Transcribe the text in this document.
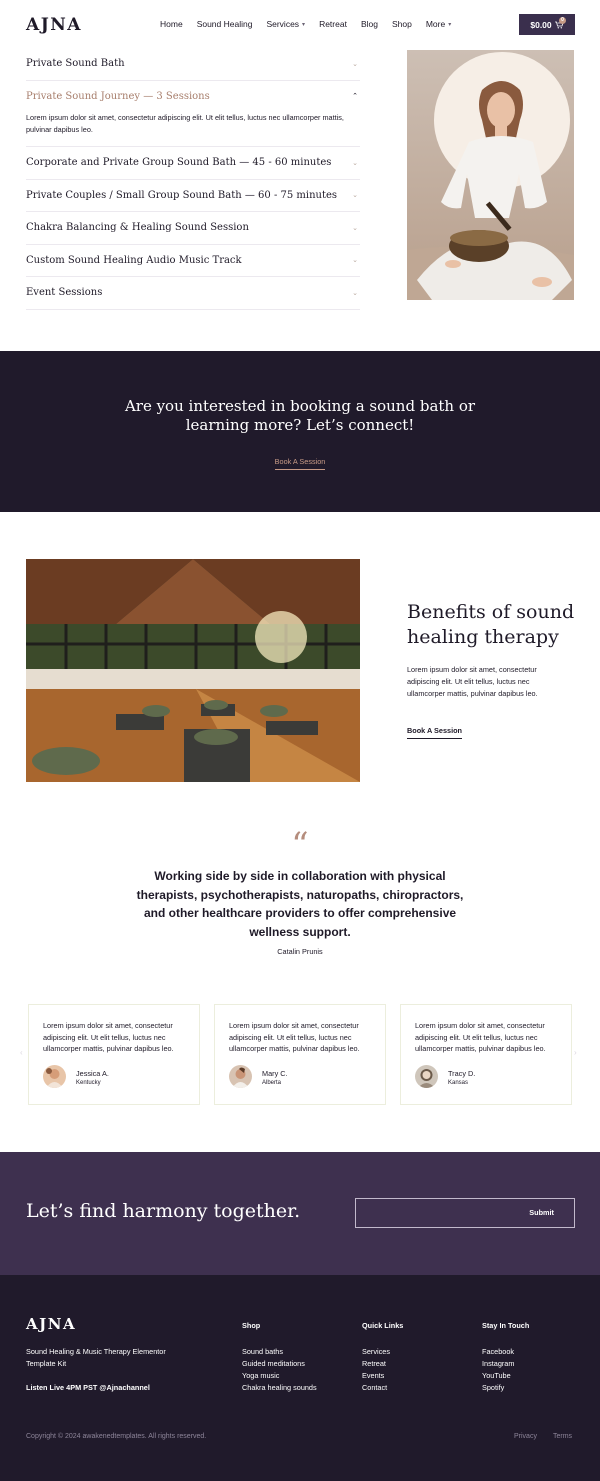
AJNA	Home Sound Healing Services ▾ Retreat Blog Shop More ▾	$0.00	0
Private Sound Bath	⌄
Private Sound Journey — 3 Sessions	⌃
Lorem ipsum dolor sit amet, consectetur adipiscing elit. Ut elit tellus, luctus nec ullamcorper mattis, pulvinar dapibus leo.
Corporate and Private Group Sound Bath — 45 - 60 minutes	⌄
Private Couples / Small Group Sound Bath — 60 - 75 minutes ⌄
Chakra Balancing & Healing Sound Session	⌄
Custom Sound Healing Audio Music Track	⌄
Event Sessions	⌄
Are you interested in booking a sound bath or
learning more? Let’s connect!
Book A Session
Benefits of sound
healing therapy
Lorem ipsum dolor sit amet, consectetur adipiscing elit. Ut elit tellus, luctus nec ullamcorper mattis, pulvinar dapibus leo.
Book A Session
“
Working side by side in collaboration with physical therapists, psychotherapists, naturopaths, chiropractors, and other healthcare providers to offer comprehensive wellness support.
Catalin Prunis
‹	›
Lorem ipsum dolor sit amet, consectetur adipiscing elit. Ut elit tellus, luctus nec ullamcorper mattis, pulvinar dapibus leo.
Jessica A.
Kentucky
Lorem ipsum dolor sit amet, consectetur adipiscing elit. Ut elit tellus, luctus nec ullamcorper mattis, pulvinar dapibus leo.
Mary C.
Alberta
Lorem ipsum dolor sit amet, consectetur adipiscing elit. Ut elit tellus, luctus nec ullamcorper mattis, pulvinar dapibus leo.
Tracy D.
Kansas
Let’s find harmony together.	Submit
AJNA
Sound Healing & Music Therapy Elementor Template Kit
Listen Live 4PM PST @Ajnachannel
Shop
Sound baths
Guided meditations
Yoga music
Chakra healing sounds
Quick Links
Services
Retreat
Events
Contact
Stay In Touch
Facebook
Instagram
YouTube
Spotify
Copyright © 2024 awakenedtemplates. All rights reserved.	Privacy Terms
